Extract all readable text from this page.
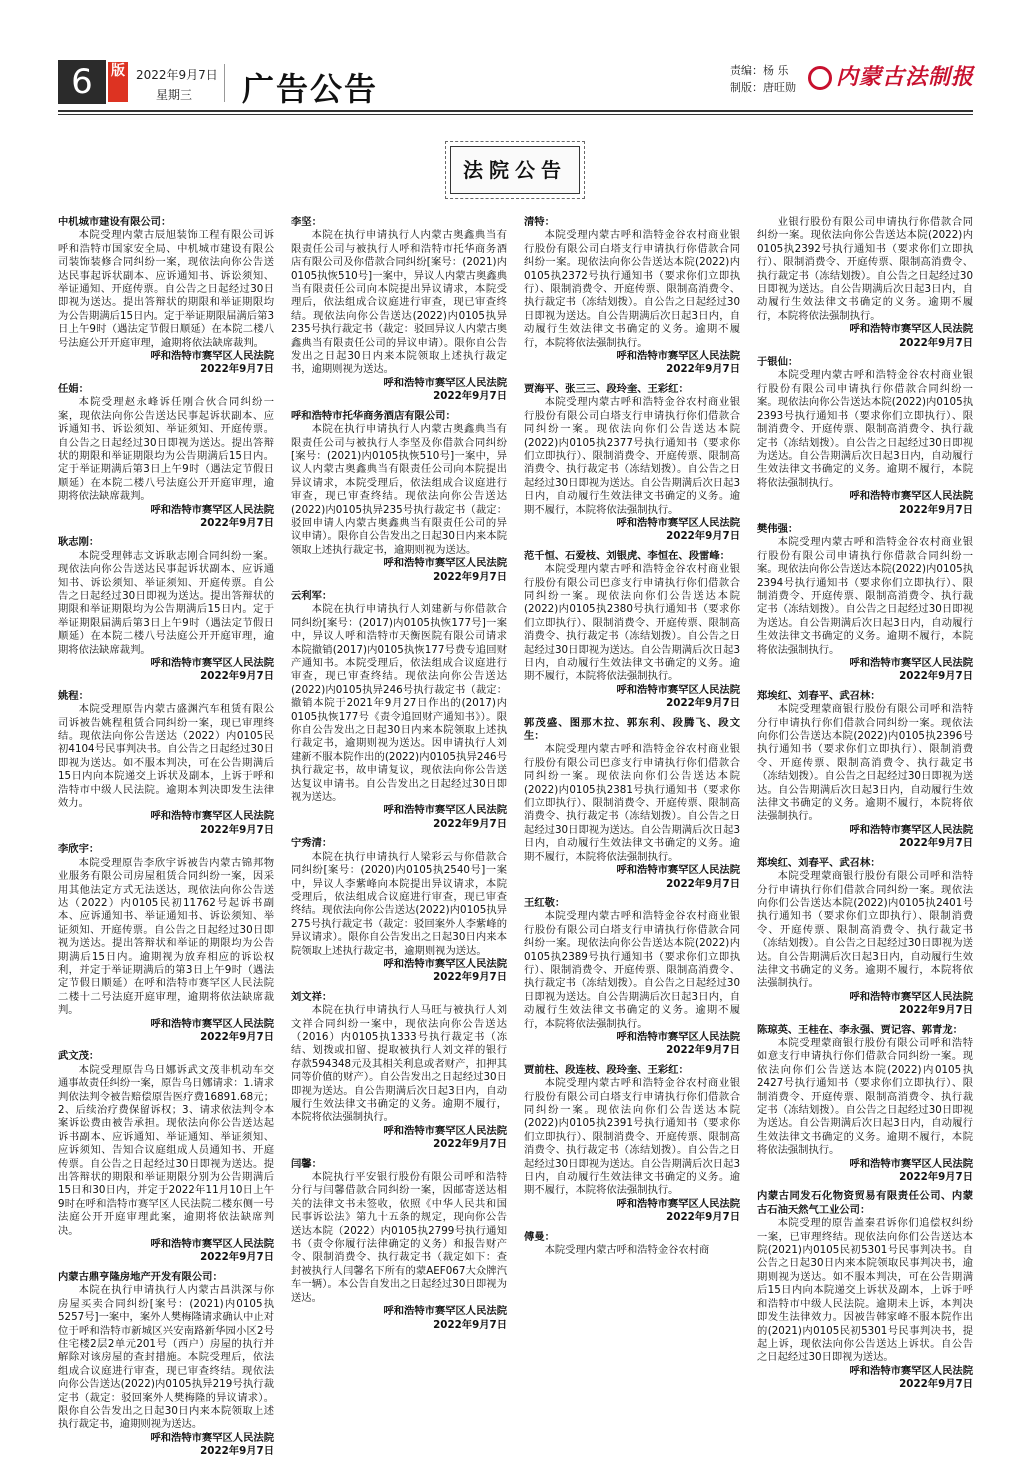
6	版 2022年9月7日
星期三 广告公告	责编：杨 乐
制版：唐旺勋	内蒙古法制报
法院公告
中机城市建设有限公司：
本院受理内蒙古辰旭装饰工程有限公司诉呼和浩特市国家安全局、中机城市建设有限公司装饰装修合同纠纷一案，现依法向你公告送达民事起诉状副本、应诉通知书、诉讼须知、举证通知、开庭传票。自公告之日起经过30日即视为送达。提出答辩状的期限和举证期限均为公告期满后15日内。定于举证期限届满后第3日上午9时（遇法定节假日顺延）在本院二楼八号法庭公开开庭审理，逾期将依法缺席裁判。
呼和浩特市赛罕区人民法院
2022年9月7日
任娟：
本院受理赵永峰诉任刚合伙合同纠纷一案，现依法向你公告送达民事起诉状副本、应诉通知书、诉讼须知、举证须知、开庭传票。自公告之日起经过30日即视为送达。提出答辩状的期限和举证期限均为公告期满后15日内。定于举证期满后第3日上午9时（遇法定节假日顺延）在本院二楼八号法庭公开开庭审理，逾期将依法缺席裁判。
呼和浩特市赛罕区人民法院
2022年9月7日
耿志刚：
本院受理韩志文诉耿志刚合同纠纷一案。现依法向你公告送达民事起诉状副本、应诉通知书、诉讼须知、举证须知、开庭传票。自公告之日起经过30日即视为送达。提出答辩状的期限和举证期限均为公告期满后15日内。定于举证期限届满后第3日上午9时（遇法定节假日顺延）在本院二楼八号法庭公开开庭审理，逾期将依法缺席裁判。
呼和浩特市赛罕区人民法院
2022年9月7日
姚程：
本院受理原告内蒙古盛渊汽车租赁有限公司诉被告姚程租赁合同纠纷一案，现已审理终结。现依法向你公告送达（2022）内0105民初4104号民事判决书。自公告之日起经过30日即视为送达。如不服本判决，可在公告期满后15日内向本院递交上诉状及副本，上诉于呼和浩特市中级人民法院。逾期本判决即发生法律效力。
呼和浩特市赛罕区人民法院
2022年9月7日
李欣宇：
本院受理原告李欣宇诉被告内蒙古锦邦物业服务有限公司房屋租赁合同纠纷一案，因采用其他法定方式无法送达，现依法向你公告送达（2022）内0105民初11762号起诉书副本、应诉通知书、举证通知书、诉讼须知、举证须知、开庭传票。自公告之日起经过30日即视为送达。提出答辩状和举证的期限均为公告期满后15日内。逾期视为放弃相应的诉讼权利，并定于举证期满后的第3日上午9时（遇法定节假日顺延）在呼和浩特市赛罕区人民法院二楼十二号法庭开庭审理，逾期将依法缺席裁判。
呼和浩特市赛罕区人民法院
2022年9月7日
武文茂：
本院受理原告乌日娜诉武文茂非机动车交通事故责任纠纷一案，原告乌日娜请求：1.请求判依法判令被告赔偿原告医疗费16891.68元；2、后续治疗费保留诉权；3、请求依法判令本案诉讼费由被告承担。现依法向你公告送达起诉书副本、应诉通知、举证通知、举证须知、应诉须知、告知合议庭组成人员通知书、开庭传票。自公告之日起经过30日即视为送达。提出答辩状的期限和举证期限分别为公告期满后15日和30日内，并定于2022年11月10日上午9时在呼和浩特市赛罕区人民法院二楼东侧一号法庭公开开庭审理此案，逾期将依法缺席判决。
呼和浩特市赛罕区人民法院
2022年9月7日
内蒙古鼎亨隆房地产开发有限公司：
本院在执行申请执行人内蒙古昌洪深与你房屋买卖合同纠纷[案号：(2021)内0105执5257号]一案中，案外人樊梅隆请求确认中止对位于呼和浩特市新城区兴安南路新华园小区2号住宅楼2层2单元201号（西户）房屋的执行并解除对该房屋的查封措施。本院受理后，依法组成合议庭进行审查，现已审查终结。现依法向你公告送达(2022)内0105执异219号执行裁定书（裁定：驳回案外人樊梅隆的异议请求）。限你自公告发出之日起30日内来本院领取上述执行裁定书，逾期则视为送达。
呼和浩特市赛罕区人民法院
2022年9月7日
李坚：
本院在执行申请执行人内蒙古奥鑫典当有限责任公司与被执行人呼和浩特市托华商务酒店有限公司及你借款合同纠纷[案号：(2021)内0105执恢510号]一案中，异议人内蒙古奥鑫典当有限责任公司向本院提出异议请求，本院受理后，依法组成合议庭进行审查，现已审查终结。现依法向你公告送达(2022)内0105执异235号执行裁定书（裁定：驳回异议人内蒙古奥鑫典当有限责任公司的异议申请）。限你自公告发出之日起30日内来本院领取上述执行裁定书，逾期则视为送达。
呼和浩特市赛罕区人民法院
2022年9月7日
呼和浩特市托华商务酒店有限公司：
本院在执行申请执行人内蒙古奥鑫典当有限责任公司与被执行人李坚及你借款合同纠纷[案号：(2021)内0105执恢510号]一案中，异议人内蒙古奥鑫典当有限责任公司向本院提出异议请求，本院受理后，依法组成合议庭进行审查，现已审查终结。现依法向你公告送达(2022)内0105执异235号执行裁定书（裁定：驳回申请人内蒙古奥鑫典当有限责任公司的异议申请）。限你自公告发出之日起30日内来本院领取上述执行裁定书，逾期则视为送达。
呼和浩特市赛罕区人民法院
2022年9月7日
云利军：
本院在执行申请执行人刘建新与你借款合同纠纷[案号：(2017)内0105执恢177号]一案中，异议人呼和浩特市天衡医院有限公司请求本院撤销(2017)内0105执恢177号费专追回财产通知书。本院受理后，依法组成合议庭进行审查，现已审查终结。现依法向你公告送达(2022)内0105执异246号执行裁定书（裁定：撤销本院于2021年9月27日作出的(2017)内0105执恢177号《责令追回财产通知书》）。限你自公告发出之日起30日内来本院领取上述执行裁定书，逾期则视为送达。因申请执行人刘建新不服本院作出的(2022)内0105执异246号执行裁定书，故申请复议，现依法向你公告送达复议申请书。自公告发出之日起经过30日即视为送达。
呼和浩特市赛罕区人民法院
2022年9月7日
宁秀清：
本院在执行申请执行人梁彩云与你借款合同纠纷[案号：(2020)内0105执2540号]一案中，异议人李紫峰向本院提出异议请求，本院受理后，依法组成合议庭进行审查，现已审查终结。现依法向你公告送达(2022)内0105执异275号执行裁定书（裁定：驳回案外人李紫峰的异议请求）。限你自公告发出之日起30日内来本院领取上述执行裁定书，逾期则视为送达。
呼和浩特市赛罕区人民法院
2022年9月7日
刘文祥：
本院在执行申请执行人马旺与被执行人刘文祥合同纠纷一案中，现依法向你公告送达（2016）内0105执1333号执行裁定书（冻结、划拨或扣留、提取被执行人刘文祥的银行存款594348元及其相关利息或者财产，扣押其同等价值的财产）。自公告发出之日起经过30日即视为送达。自公告期满后次日起3日内，自动履行生效法律文书确定的义务。逾期不履行，本院将依法强制执行。
呼和浩特市赛罕区人民法院
2022年9月7日
闫馨：
本院执行平安银行股份有限公司呼和浩特分行与闫馨借款合同纠纷一案，因邮寄送达相关的法律文书未签收，依照《中华人民共和国民事诉讼法》第九十五条的规定，现向你公告送达本院（2022）内0105执2799号执行通知书（责令你履行法律确定的义务）和报告财产令、限制消费令、执行裁定书（裁定如下：查封被执行人闫馨名下所有的蒙AEF067大众牌汽车一辆）。本公告自发出之日起经过30日即视为送达。
呼和浩特市赛罕区人民法院
2022年9月7日
清特：
本院受理内蒙古呼和浩特金谷农村商业银行股份有限公司白塔支行申请执行你借款合同纠纷一案。现依法向你公告送达本院(2022)内0105执2372号执行通知书（要求你们立即执行）、限制消费令、开庭传票、限制高消费令、执行裁定书（冻结划拨）。自公告之日起经过30日即视为送达。自公告期满后次日起3日内，自动履行生效法律文书确定的义务。逾期不履行，本院将依法强制执行。
呼和浩特市赛罕区人民法院
2022年9月7日
贾海平、张三三、段玲奎、王彩红：
本院受理内蒙古呼和浩特金谷农村商业银行股份有限公司白塔支行申请执行你们借款合同纠纷一案。现依法向你们公告送达本院(2022)内0105执2377号执行通知书（要求你们立即执行）、限制消费令、开庭传票、限制高消费令、执行裁定书（冻结划拨）。自公告之日起经过30日即视为送达。自公告期满后次日起3日内，自动履行生效法律文书确定的义务。逾期不履行，本院将依法强制执行。
呼和浩特市赛罕区人民法院
2022年9月7日
范千恒、石爱枝、刘银虎、李恒在、段雷峰：
本院受理内蒙古呼和浩特金谷农村商业银行股份有限公司巴彦支行申请执行你们借款合同纠纷一案。现依法向你们公告送达本院(2022)内0105执2380号执行通知书（要求你们立即执行）、限制消费令、开庭传票、限制高消费令、执行裁定书（冻结划拨）。自公告之日起经过30日即视为送达。自公告期满后次日起3日内，自动履行生效法律文书确定的义务。逾期不履行，本院将依法强制执行。
呼和浩特市赛罕区人民法院
2022年9月7日
郭茂盛、图那木拉、郭东利、段腾飞、段文生：
本院受理内蒙古呼和浩特金谷农村商业银行股份有限公司巴彦支行申请执行你们借款合同纠纷一案。现依法向你们公告送达本院(2022)内0105执2381号执行通知书（要求你们立即执行）、限制消费令、开庭传票、限制高消费令、执行裁定书（冻结划拨）。自公告之日起经过30日即视为送达。自公告期满后次日起3日内，自动履行生效法律文书确定的义务。逾期不履行，本院将依法强制执行。
呼和浩特市赛罕区人民法院
2022年9月7日
王红敬：
本院受理内蒙古呼和浩特金谷农村商业银行股份有限公司白塔支行申请执行你借款合同纠纷一案。现依法向你公告送达本院(2022)内0105执2389号执行通知书（要求你们立即执行）、限制消费令、开庭传票、限制高消费令、执行裁定书（冻结划拨）。自公告之日起经过30日即视为送达。自公告期满后次日起3日内，自动履行生效法律文书确定的义务。逾期不履行，本院将依法强制执行。
呼和浩特市赛罕区人民法院
2022年9月7日
贾前柱、段连枝、段玲奎、王彩红：
本院受理内蒙古呼和浩特金谷农村商业银行股份有限公司白塔支行申请执行你们借款合同纠纷一案。现依法向你们公告送达本院(2022)内0105执2391号执行通知书（要求你们立即执行）、限制消费令、开庭传票、限制高消费令、执行裁定书（冻结划拨）。自公告之日起经过30日即视为送达。自公告期满后次日起3日内，自动履行生效法律文书确定的义务。逾期不履行，本院将依法强制执行。
呼和浩特市赛罕区人民法院
2022年9月7日
傅曼：
本院受理内蒙古呼和浩特金谷农村商
业银行股份有限公司申请执行你借款合同纠纷一案。现依法向你公告送达本院(2022)内0105执2392号执行通知书（要求你们立即执行）、限制消费令、开庭传票、限制高消费令、执行裁定书（冻结划拨）。自公告之日起经过30日即视为送达。自公告期满后次日起3日内，自动履行生效法律文书确定的义务。逾期不履行，本院将依法强制执行。
呼和浩特市赛罕区人民法院
2022年9月7日
于银仙：
本院受理内蒙古呼和浩特金谷农村商业银行股份有限公司申请执行你借款合同纠纷一案。现依法向你公告送达本院(2022)内0105执2393号执行通知书（要求你们立即执行）、限制消费令、开庭传票、限制高消费令、执行裁定书（冻结划拨）。自公告之日起经过30日即视为送达。自公告期满后次日起3日内，自动履行生效法律文书确定的义务。逾期不履行，本院将依法强制执行。
呼和浩特市赛罕区人民法院
2022年9月7日
樊伟强：
本院受理内蒙古呼和浩特金谷农村商业银行股份有限公司申请执行你借款合同纠纷一案。现依法向你公告送达本院(2022)内0105执2394号执行通知书（要求你们立即执行）、限制消费令、开庭传票、限制高消费令、执行裁定书（冻结划拨）。自公告之日起经过30日即视为送达。自公告期满后次日起3日内，自动履行生效法律文书确定的义务。逾期不履行，本院将依法强制执行。
呼和浩特市赛罕区人民法院
2022年9月7日
郑埃红、刘春平、武召林：
本院受理蒙商银行股份有限公司呼和浩特分行申请执行你们借款合同纠纷一案。现依法向你们公告送达本院(2022)内0105执2396号执行通知书（要求你们立即执行）、限制消费令、开庭传票、限制高消费令、执行裁定书（冻结划拨）。自公告之日起经过30日即视为送达。自公告期满后次日起3日内，自动履行生效法律文书确定的义务。逾期不履行，本院将依法强制执行。
呼和浩特市赛罕区人民法院
2022年9月7日
郑埃红、刘春平、武召林：
本院受理蒙商银行股份有限公司呼和浩特分行申请执行你们借款合同纠纷一案。现依法向你们公告送达本院(2022)内0105执2401号执行通知书（要求你们立即执行）、限制消费令、开庭传票、限制高消费令、执行裁定书（冻结划拨）。自公告之日起经过30日即视为送达。自公告期满后次日起3日内，自动履行生效法律文书确定的义务。逾期不履行，本院将依法强制执行。
呼和浩特市赛罕区人民法院
2022年9月7日
陈琼英、王桂在、李永强、贾记容、郭青龙：
本院受理蒙商银行股份有限公司呼和浩特如意支行申请执行你们借款合同纠纷一案。现依法向你们公告送达本院(2022)内0105执2427号执行通知书（要求你们立即执行）、限制消费令、开庭传票、限制高消费令、执行裁定书（冻结划拨）。自公告之日起经过30日即视为送达。自公告期满后次日起3日内，自动履行生效法律文书确定的义务。逾期不履行，本院将依法强制执行。
呼和浩特市赛罕区人民法院
2022年9月7日
内蒙古同发石化物资贸易有限责任公司、内蒙古石油天然气工业公司：
本院受理的原告盖秦君诉你们追偿权纠纷一案，已审理终结。现依法向你们公告送达本院(2021)内0105民初5301号民事判决书。自公告之日起30日内来本院领取民事判决书，逾期则视为送达。如不服本判决，可在公告期满后15日内向本院递交上诉状及副本，上诉于呼和浩特市中级人民法院。逾期未上诉，本判决即发生法律效力。因被告韩家峰不服本院作出的(2021)内0105民初5301号民事判决书，提起上诉，现依法向你公告送达上诉状。自公告之日起经过30日即视为送达。
呼和浩特市赛罕区人民法院
2022年9月7日
